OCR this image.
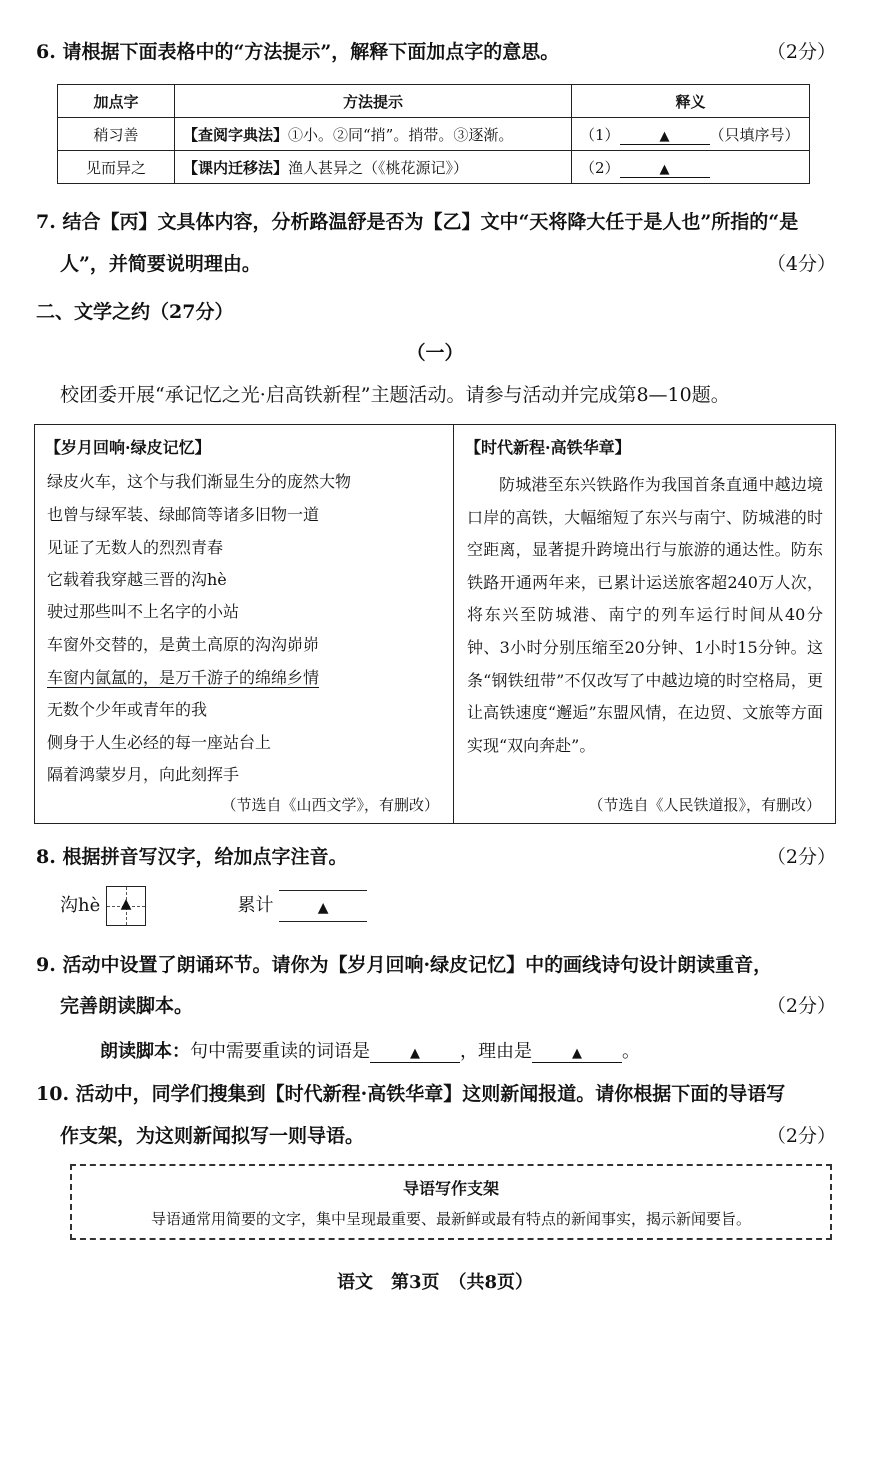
6. 请根据下面表格中的“方法提示”，解释下面加点字的意思。	（2分）
加点字	方法提示	释义
稍习善	【查阅字典法】①小。②同“捎”。捎带。③逐渐。	（1） ▲ （只填序号）
见而异之	【课内迁移法】渔人甚异之（《桃花源记》）	（2） ▲
7. 结合【丙】文具体内容，分析路温舒是否为【乙】文中“天将降大任于是人也”所指的“是
人”，并简要说明理由。	（4分）
二、文学之约（27分）
（一）
校团委开展“承记忆之光·启高铁新程”主题活动。请参与活动并完成第8—10题。
【岁月回响·绿皮记忆】
绿皮火车，这个与我们渐显生分的庞然大物
也曾与绿军装、绿邮筒等诸多旧物一道
见证了无数人的烈烈青春
它载着我穿越三晋的沟hè
驶过那些叫不上名字的小站
车窗外交替的，是黄土高原的沟沟峁峁
车窗内氤氲的，是万千游子的绵绵乡情
无数个少年或青年的我
侧身于人生必经的每一座站台上
隔着鸿蒙岁月，向此刻挥手
（节选自《山西文学》，有删改）
【时代新程·高铁华章】
防城港至东兴铁路作为我国首条直通中越边境口岸的高铁，大幅缩短了东兴与南宁、防城港的时空距离，显著提升跨境出行与旅游的通达性。防东铁路开通两年来，已累计运送旅客超240万人次，将东兴至防城港、南宁的列车运行时间从40分钟、3小时分别压缩至20分钟、1小时15分钟。这条“钢铁纽带”不仅改写了中越边境的时空格局，更让高铁速度“邂逅”东盟风情，在边贸、文旅等方面实现“双向奔赴”。
（节选自《人民铁道报》，有删改）
8. 根据拼音写汉字，给加点字注音。	（2分）
沟hè	▲	累计	$_▲$
9. 活动中设置了朗诵环节。请你为【岁月回响·绿皮记忆】中的画线诗句设计朗读重音，
完善朗读脚本。	（2分）
朗读脚本：句中需要重读的词语是	▲ ，理由是	▲ 。
10. 活动中，同学们搜集到【时代新程·高铁华章】这则新闻报道。请你根据下面的导语写
作支架，为这则新闻拟写一则导语。	（2分）
导语写作支架
导语通常用简要的文字，集中呈现最重要、最新鲜或最有特点的新闻事实，揭示新闻要旨。
语文　第3页　（共8页）
